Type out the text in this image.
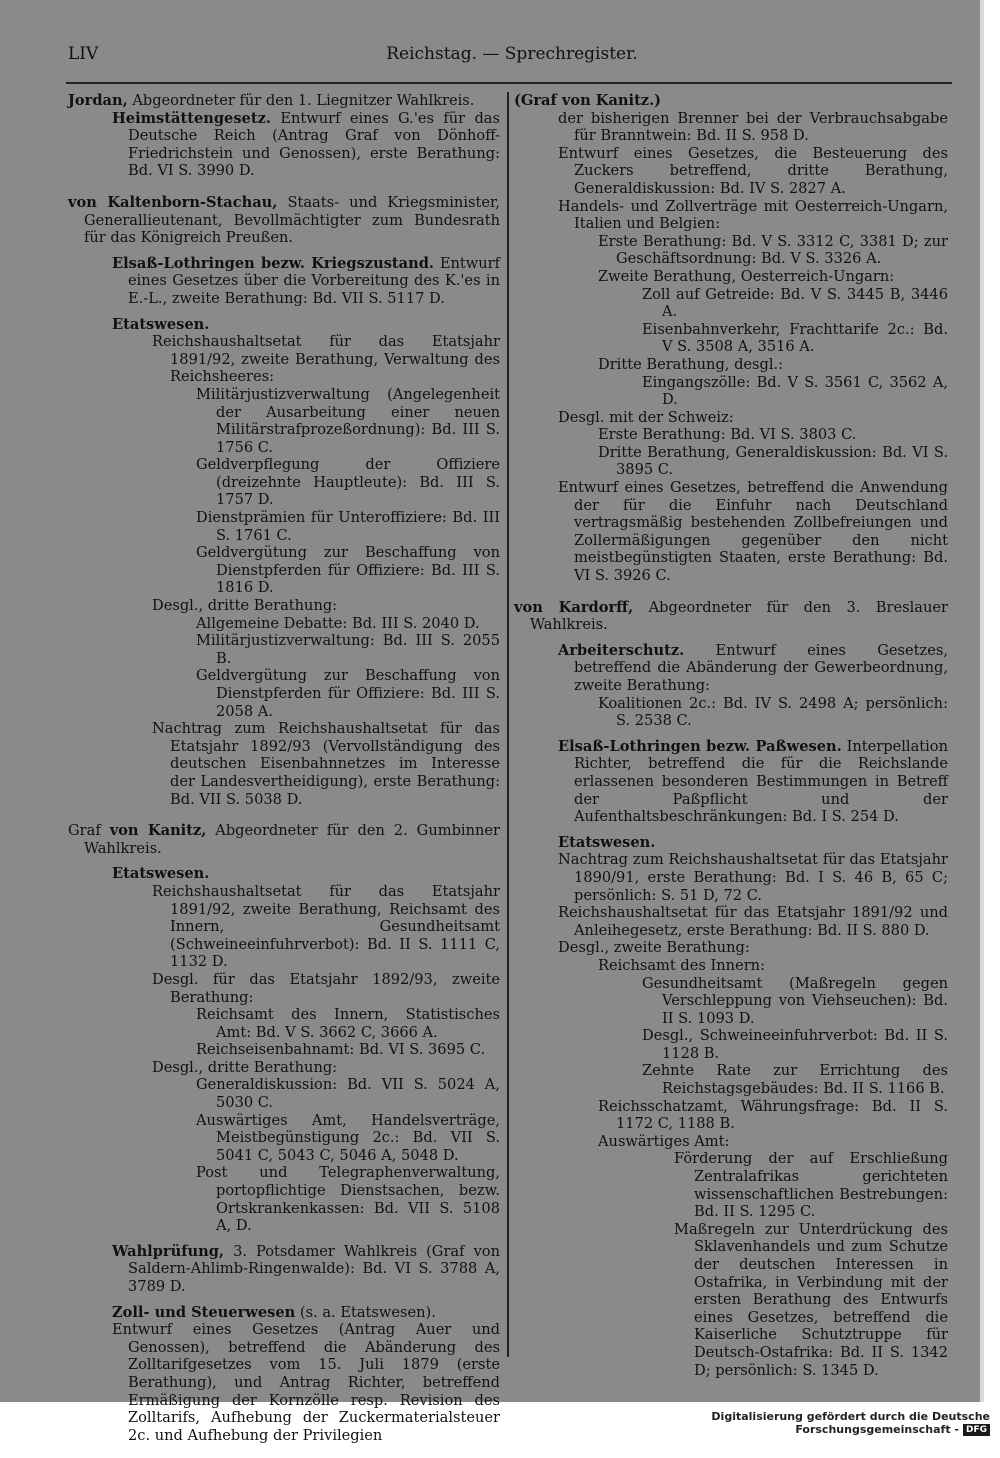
LIV	Reichstag. — Sprechregister.

Jordan, Abgeordneter für den 1. Liegnitzer Wahlkreis.

Heimstättengesetz. Entwurf eines G.'es für das Deutsche Reich (Antrag Graf von Dönhoff-Friedrichstein und Genossen), erste Berathung: Bd. VI S. 3990 D.

von Kaltenborn-Stachau, Staats- und Kriegsminister, Generallieutenant, Bevollmächtigter zum Bundesrath für das Königreich Preußen.

Elsaß-Lothringen bezw. Kriegszustand. Entwurf eines Gesetzes über die Vorbereitung des K.'es in E.-L., zweite Berathung: Bd. VII S. 5117 D.

Etatswesen.

Reichshaushaltsetat für das Etatsjahr 1891/92, zweite Berathung, Verwaltung des Reichsheeres:

Militärjustizverwaltung (Angelegenheit der Ausarbeitung einer neuen Militärstrafprozeßordnung): Bd. III S. 1756 C.

Geldverpflegung der Offiziere (dreizehnte Hauptleute): Bd. III S. 1757 D.

Dienstprämien für Unteroffiziere: Bd. III S. 1761 C.

Geldvergütung zur Beschaffung von Dienstpferden für Offiziere: Bd. III S. 1816 D.

Desgl., dritte Berathung:

Allgemeine Debatte: Bd. III S. 2040 D.

Militärjustizverwaltung: Bd. III S. 2055 B.

Geldvergütung zur Beschaffung von Dienstpferden für Offiziere: Bd. III S. 2058 A.

Nachtrag zum Reichshaushaltsetat für das Etatsjahr 1892/93 (Vervollständigung des deutschen Eisenbahnnetzes im Interesse der Landesvertheidigung), erste Berathung: Bd. VII S. 5038 D.

Graf von Kanitz, Abgeordneter für den 2. Gumbinner Wahlkreis.

Etatswesen.

Reichshaushaltsetat für das Etatsjahr 1891/92, zweite Berathung, Reichsamt des Innern, Gesundheitsamt (Schweineeinfuhrverbot): Bd. II S. 1111 C, 1132 D.

Desgl. für das Etatsjahr 1892/93, zweite Berathung:

Reichsamt des Innern, Statistisches Amt: Bd. V S. 3662 C, 3666 A.

Reichseisenbahnamt: Bd. VI S. 3695 C.

Desgl., dritte Berathung:

Generaldiskussion: Bd. VII S. 5024 A, 5030 C.

Auswärtiges Amt, Handelsverträge, Meistbegünstigung 2c.: Bd. VII S. 5041 C, 5043 C, 5046 A, 5048 D.

Post und Telegraphenverwaltung, portopflichtige Dienstsachen, bezw. Ortskrankenkassen: Bd. VII S. 5108 A, D.

Wahlprüfung, 3. Potsdamer Wahlkreis (Graf von Saldern-Ahlimb-Ringenwalde): Bd. VI S. 3788 A, 3789 D.

Zoll- und Steuerwesen (s. a. Etatswesen).

Entwurf eines Gesetzes (Antrag Auer und Genossen), betreffend die Abänderung des Zolltarifgesetzes vom 15. Juli 1879 (erste Berathung), und Antrag Richter, betreffend Ermäßigung der Kornzölle resp. Revision des Zolltarifs, Aufhebung der Zuckermaterialsteuer 2c. und Aufhebung der Privilegien

(Graf von Kanitz.)

der bisherigen Brenner bei der Verbrauchsabgabe für Branntwein: Bd. II S. 958 D.

Entwurf eines Gesetzes, die Besteuerung des Zuckers betreffend, dritte Berathung, Generaldiskussion: Bd. IV S. 2827 A.

Handels- und Zollverträge mit Oesterreich-Ungarn, Italien und Belgien:

Erste Berathung: Bd. V S. 3312 C, 3381 D; zur Geschäftsordnung: Bd. V S. 3326 A.

Zweite Berathung, Oesterreich-Ungarn:

Zoll auf Getreide: Bd. V S. 3445 B, 3446 A.

Eisenbahnverkehr, Frachttarife 2c.: Bd. V S. 3508 A, 3516 A.

Dritte Berathung, desgl.:

Eingangszölle: Bd. V S. 3561 C, 3562 A, D.

Desgl. mit der Schweiz:

Erste Berathung: Bd. VI S. 3803 C.

Dritte Berathung, Generaldiskussion: Bd. VI S. 3895 C.

Entwurf eines Gesetzes, betreffend die Anwendung der für die Einfuhr nach Deutschland vertragsmäßig bestehenden Zollbefreiungen und Zollermäßigungen gegenüber den nicht meistbegünstigten Staaten, erste Berathung: Bd. VI S. 3926 C.

von Kardorff, Abgeordneter für den 3. Breslauer Wahlkreis.

Arbeiterschutz. Entwurf eines Gesetzes, betreffend die Abänderung der Gewerbeordnung, zweite Berathung:

Koalitionen 2c.: Bd. IV S. 2498 A; persönlich: S. 2538 C.

Elsaß-Lothringen bezw. Paßwesen. Interpellation Richter, betreffend die für die Reichslande erlassenen besonderen Bestimmungen in Betreff der Paßpflicht und der Aufenthaltsbeschränkungen: Bd. I S. 254 D.

Etatswesen.

Nachtrag zum Reichshaushaltsetat für das Etatsjahr 1890/91, erste Berathung: Bd. I S. 46 B, 65 C; persönlich: S. 51 D, 72 C.

Reichshaushaltsetat für das Etatsjahr 1891/92 und Anleihegesetz, erste Berathung: Bd. II S. 880 D.

Desgl., zweite Berathung:

Reichsamt des Innern:

Gesundheitsamt (Maßregeln gegen Verschleppung von Viehseuchen): Bd. II S. 1093 D.

Desgl., Schweineeinfuhrverbot: Bd. II S. 1128 B.

Zehnte Rate zur Errichtung des Reichstagsgebäudes: Bd. II S. 1166 B.

Reichsschatzamt, Währungsfrage: Bd. II S. 1172 C, 1188 B.

Auswärtiges Amt:

Förderung der auf Erschließung Zentralafrikas gerichteten wissenschaftlichen Bestrebungen: Bd. II S. 1295 C.

Maßregeln zur Unterdrückung des Sklavenhandels und zum Schutze der deutschen Interessen in Ostafrika, in Verbindung mit der ersten Berathung des Entwurfs eines Gesetzes, betreffend die Kaiserliche Schutztruppe für Deutsch-Ostafrika: Bd. II S. 1342 D; persönlich: S. 1345 D.

Digitalisierung gefördert durch die Deutsche Forschungsgemeinschaft - DFG
